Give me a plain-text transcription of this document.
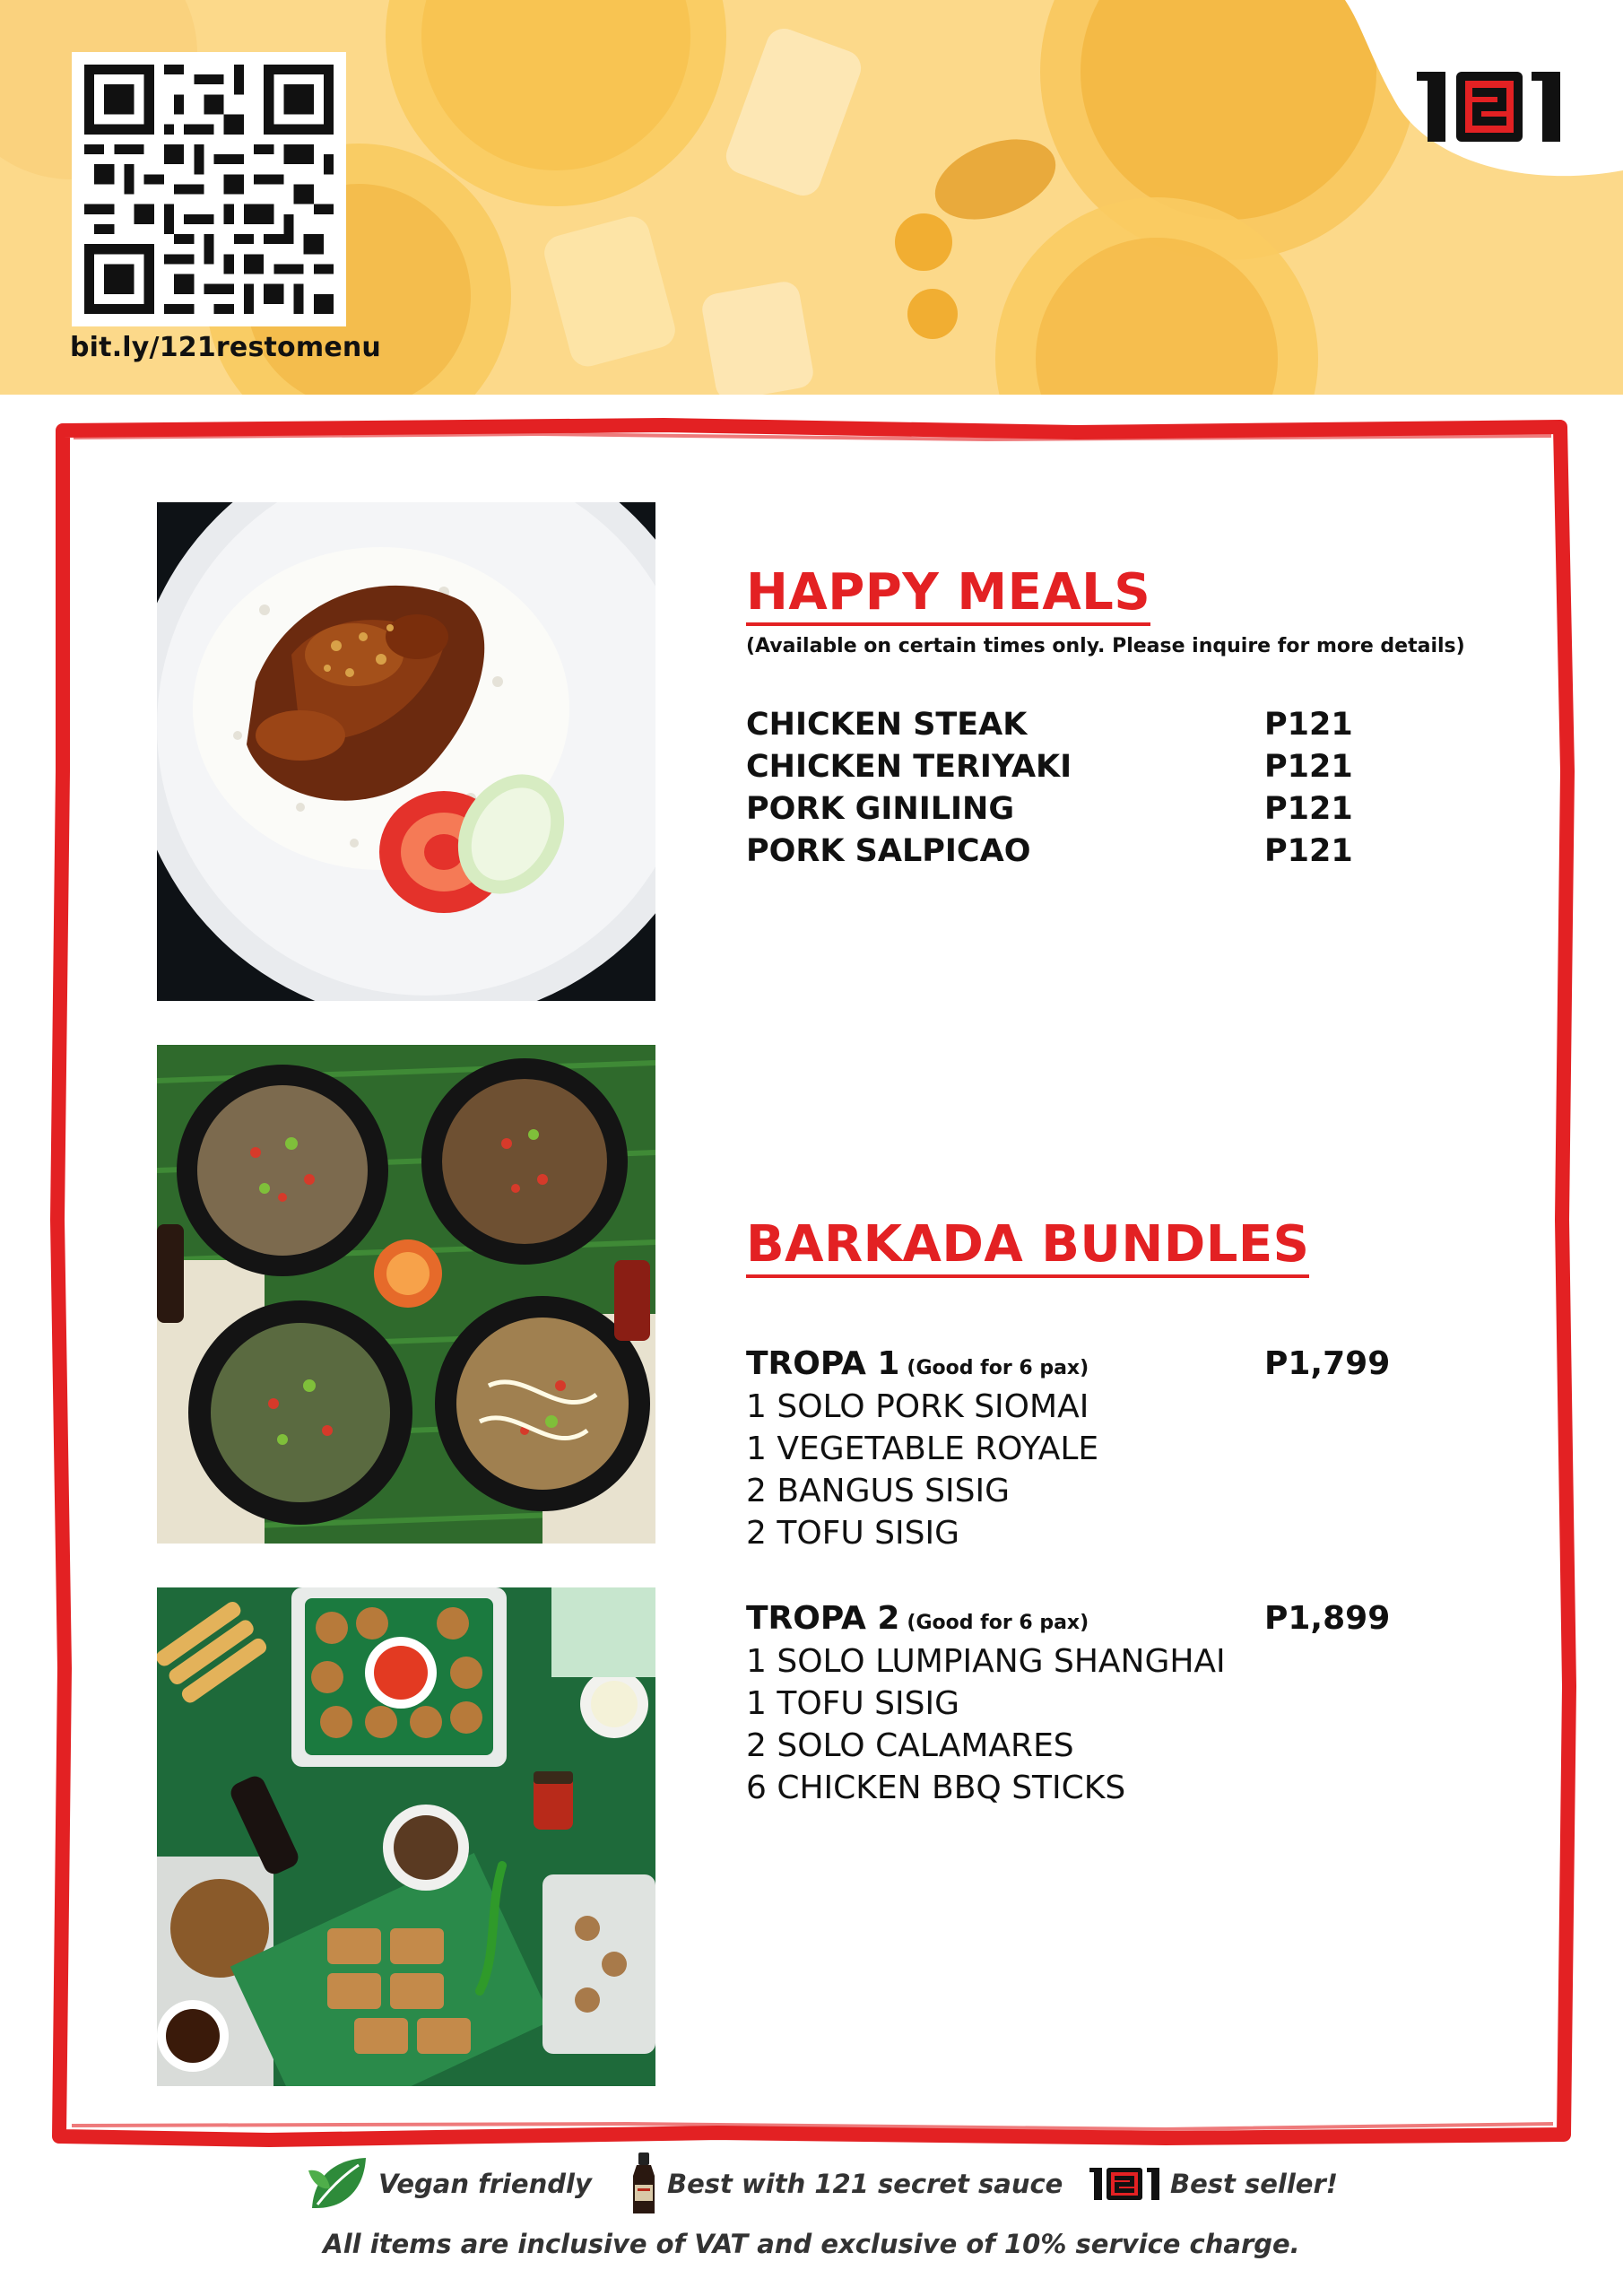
bit.ly/121restomenu
HAPPY MEALS
(Available on certain times only. Please inquire for more details)
CHICKEN STEAK	P121
CHICKEN TERIYAKI	P121
PORK GINILING	P121
PORK SALPICAO	P121
BARKADA BUNDLES
TROPA 1 (Good for 6 pax)	P1,799
1 SOLO PORK SIOMAI
1 VEGETABLE ROYALE
2 BANGUS SISIG
2 TOFU SISIG
TROPA 2 (Good for 6 pax)	P1,899
1 SOLO LUMPIANG SHANGHAI
1 TOFU SISIG
2 SOLO CALAMARES
6 CHICKEN BBQ STICKS
Vegan friendly	Best with 121 secret sauce	Best seller!
All items are inclusive of VAT and exclusive of 10% service charge.
